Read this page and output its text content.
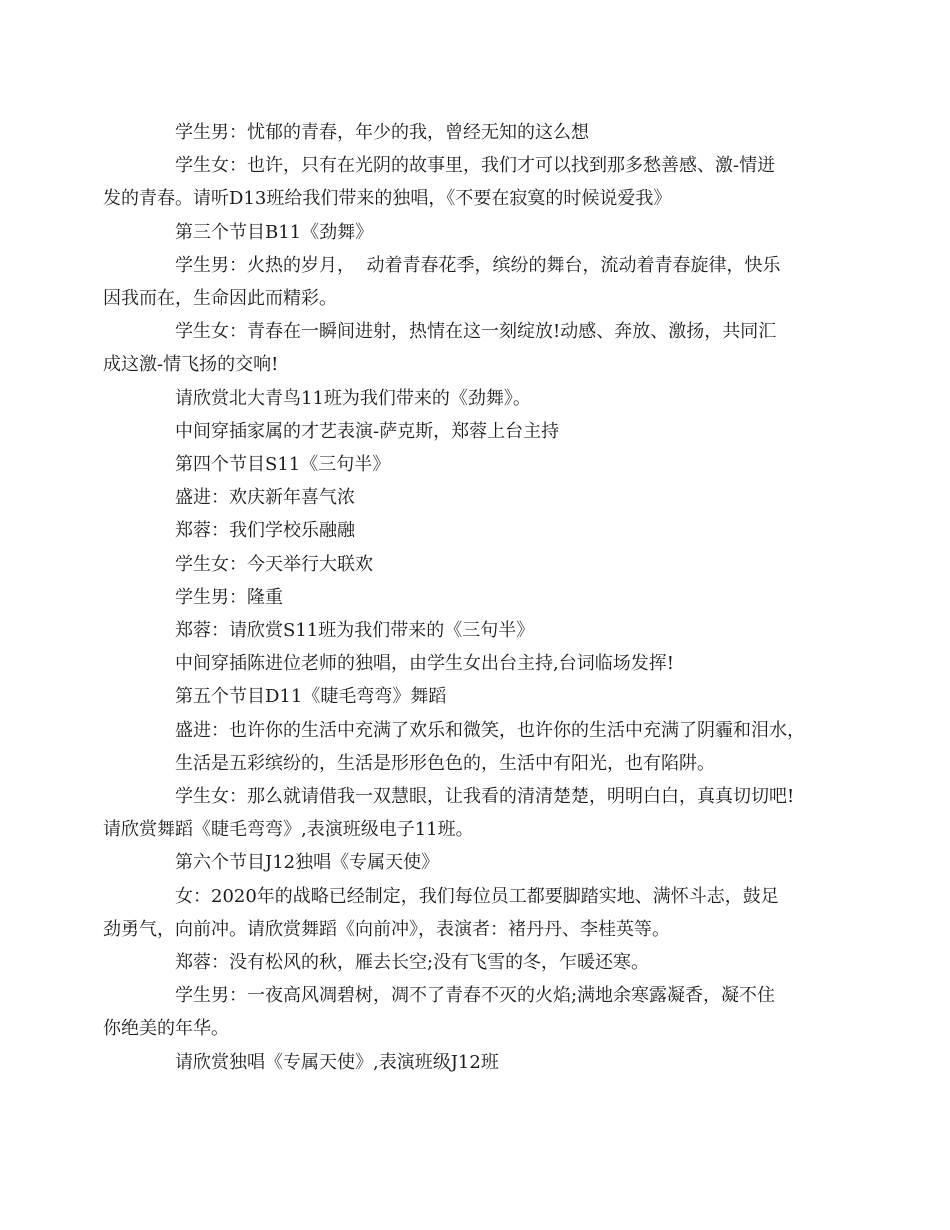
学生男：忧郁的青春，年少的我，曾经无知的这么想

学生女：也许，只有在光阴的故事里，我们才可以找到那多愁善感、激-情迸
发的青春。请听D13班给我们带来的独唱，《不要在寂寞的时候说爱我》

第三个节目B11《劲舞》

学生男：火热的岁月，  动着青春花季，缤纷的舞台，流动着青春旋律，快乐
因我而在，生命因此而精彩。

学生女：青春在一瞬间进射，热情在这一刻绽放!动感、奔放、激扬，共同汇
成这激-情飞扬的交响!

请欣赏北大青鸟11班为我们带来的《劲舞》。

中间穿插家属的才艺表演-萨克斯，郑蓉上台主持

第四个节目S11《三句半》

盛进：欢庆新年喜气浓

郑蓉：我们学校乐融融

学生女：今天举行大联欢

学生男：隆重

郑蓉：请欣赏S11班为我们带来的《三句半》

中间穿插陈进位老师的独唱，由学生女出台主持,台词临场发挥!

第五个节目D11《睫毛弯弯》舞蹈

盛进：也许你的生活中充满了欢乐和微笑，也许你的生活中充满了阴霾和泪水，

生活是五彩缤纷的，生活是形形色色的，生活中有阳光，也有陷阱。

学生女：那么就请借我一双慧眼，让我看的清清楚楚，明明白白，真真切切吧!
请欣赏舞蹈《睫毛弯弯》,表演班级电子11班。

第六个节目J12独唱《专属天使》

女：2020年的战略已经制定，我们每位员工都要脚踏实地、满怀斗志，鼓足
劲勇气，向前冲。请欣赏舞蹈《向前冲》，表演者：褚丹丹、李桂英等。

郑蓉：没有松风的秋，雁去长空;没有飞雪的冬，乍暖还寒。

学生男：一夜高风凋碧树，凋不了青春不灭的火焰;满地余寒露凝香，凝不住
你绝美的年华。

请欣赏独唱《专属天使》,表演班级J12班
